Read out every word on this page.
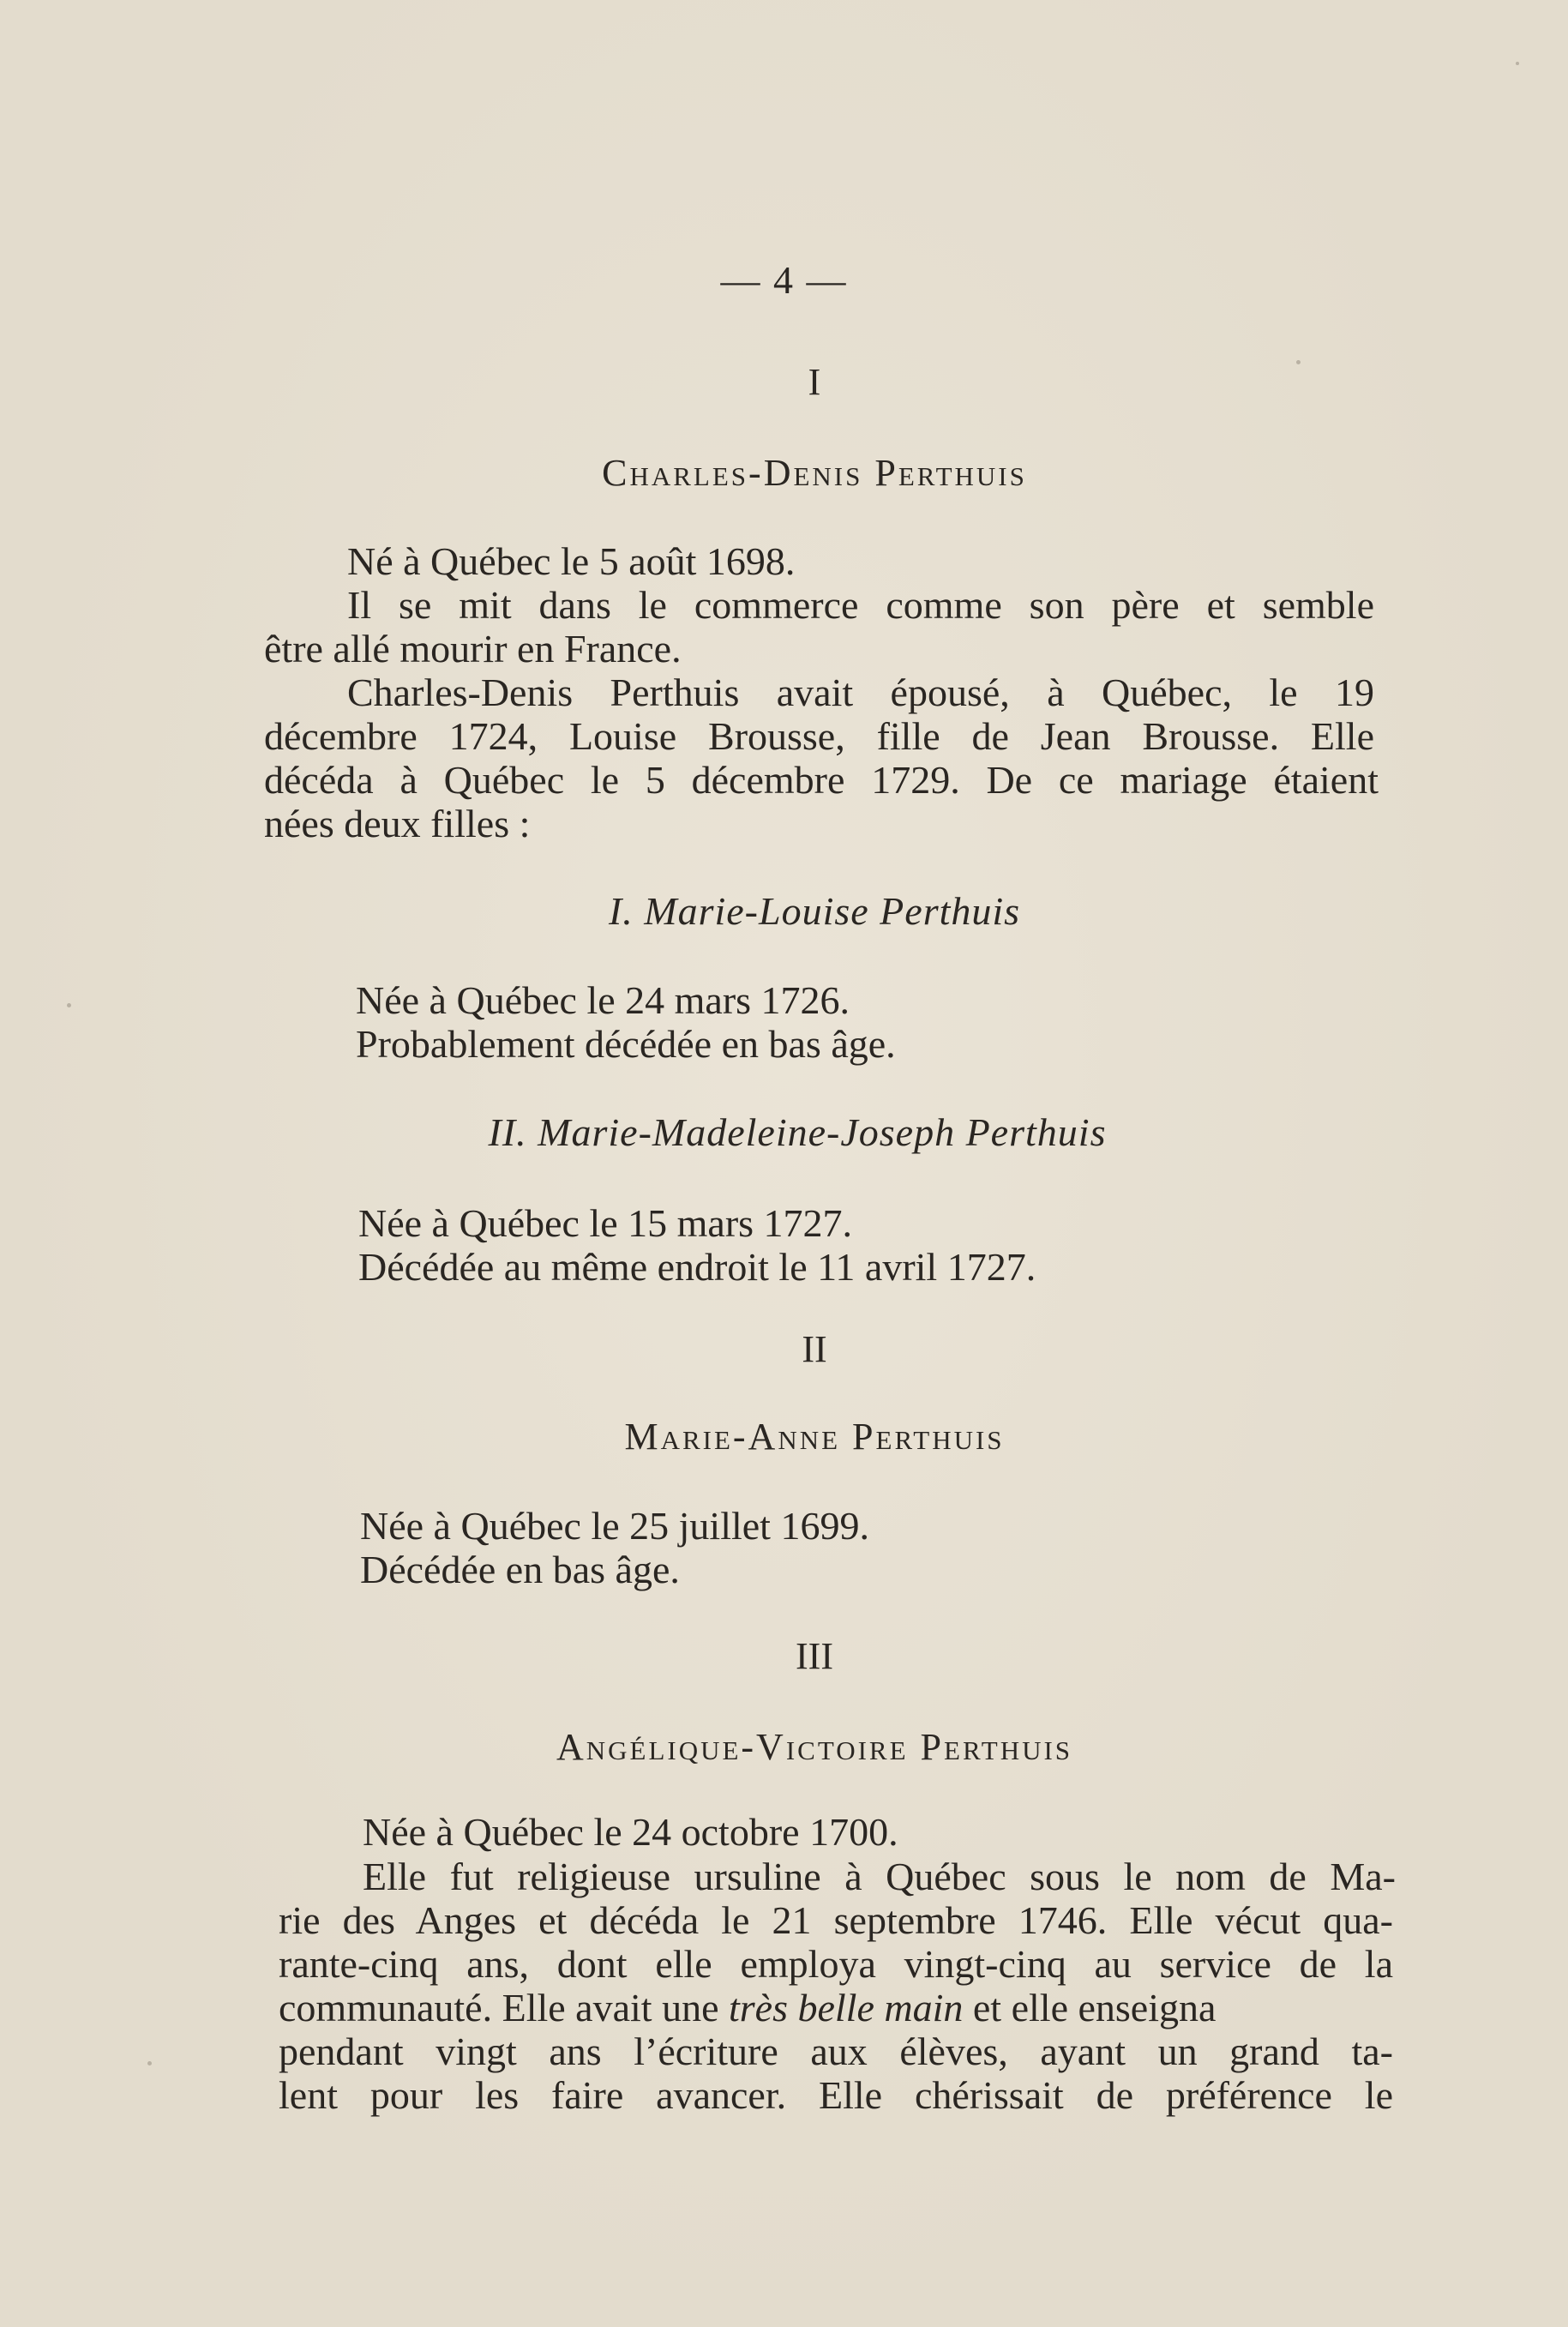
— 4 —
I
Charles-Denis Perthuis
Né à Québec le 5 août 1698.
Il se mit dans le commerce comme son père et semble
être allé mourir en France.
Charles-Denis Perthuis avait épousé, à Québec, le 19
décembre 1724, Louise Brousse, fille de Jean Brousse. Elle
décéda à Québec le 5 décembre 1729. De ce mariage étaient
nées deux filles :
I. Marie-Louise Perthuis
Née à Québec le 24 mars 1726.
Probablement décédée en bas âge.
II. Marie-Madeleine-Joseph Perthuis
Née à Québec le 15 mars 1727.
Décédée au même endroit le 11 avril 1727.
II
Marie-Anne Perthuis
Née à Québec le 25 juillet 1699.
Décédée en bas âge.
III
Angélique-Victoire Perthuis
Née à Québec le 24 octobre 1700.
Elle fut religieuse ursuline à Québec sous le nom de Ma-
rie des Anges et décéda le 21 septembre 1746. Elle vécut qua-
rante-cinq ans, dont elle employa vingt-cinq au service de la
communauté. Elle avait une très belle main et elle enseigna
pendant vingt ans l’écriture aux élèves, ayant un grand ta-
lent pour les faire avancer. Elle chérissait de préférence le
